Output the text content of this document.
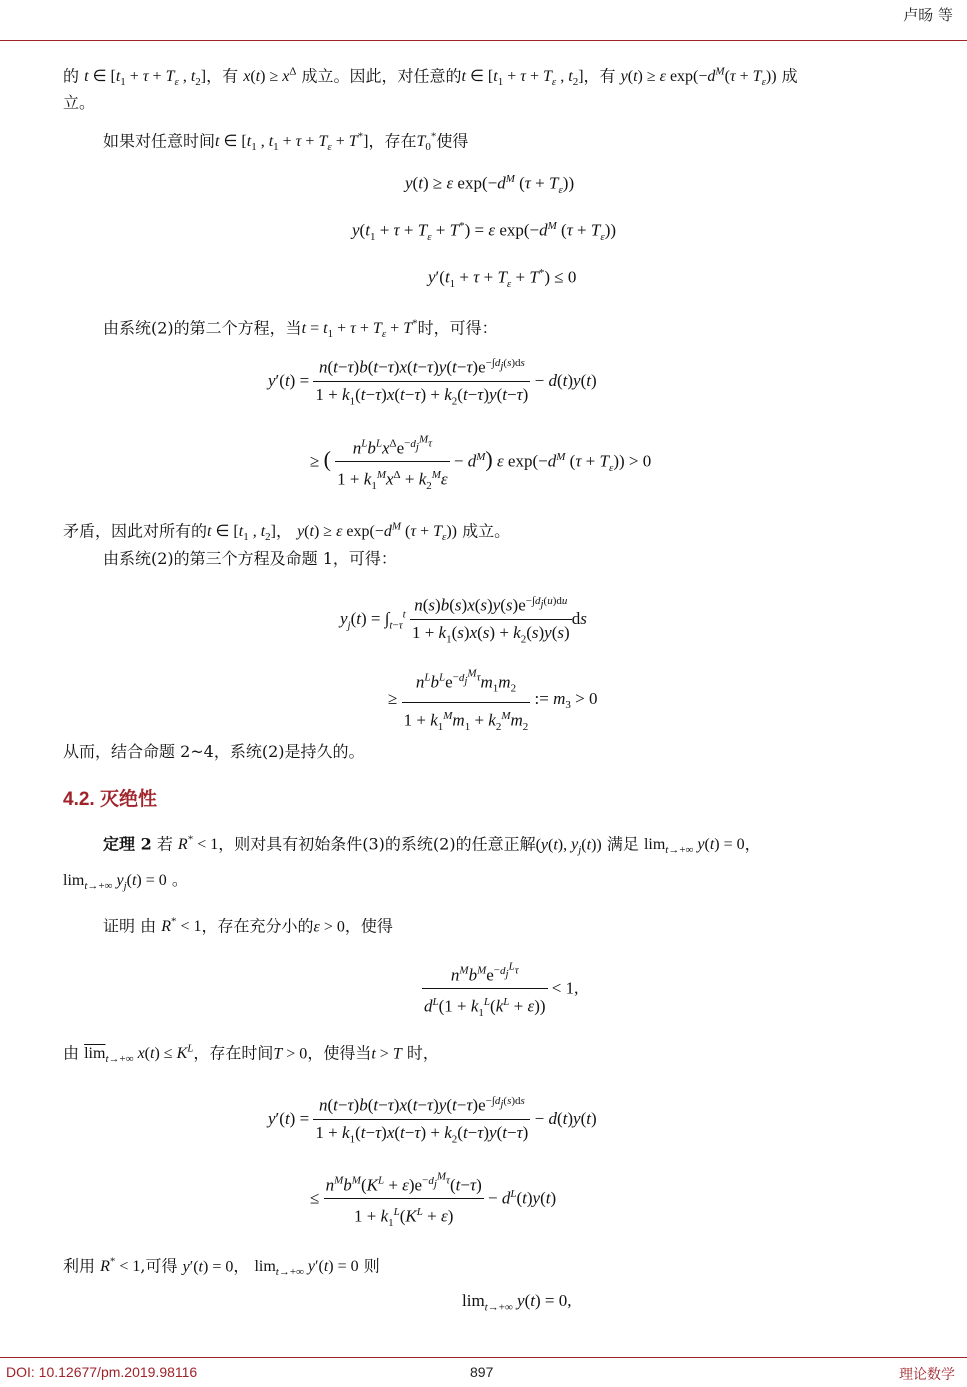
卢旸 等
的 t ∈ [$t_1 + \tau + T_\varepsilon$ , $t_2$]，有 $x(t) \ge x^\Delta$ 成立。因此，对任意的t ∈ [$t_1 + \tau + T_\varepsilon$ , $t_2$]，有 y(t) ≥ ε $\exp(-d^M(\tau + T_\varepsilon))$ 成
立。
如果对任意时间t ∈ [$t_1$ , $t_1 + \tau + T_\varepsilon + T^*$]，存在$T_0^*$使得
y(t) ≥ ε $\exp(-d^M$ $(\tau + T_\varepsilon)$)
$y(t_1 + \tau + T_\varepsilon + T^*) = \varepsilon$ $\exp(-d^M$ $(\tau + T_\varepsilon)$)
$y'(t_1 + \tau + T_\varepsilon + T^*) \le 0$
由系统(2)的第二个方程，当$t = t_1 + \tau + T_\varepsilon + T^*$时，可得：
$y'(t) = \frac{n(t-\tau)b(t-\tau)x(t-\tau)y(t-\tau)e^{-\int d_j(s)ds}}{1 + k_1(t-\tau)x(t-\tau) + k_2(t-\tau)y(t-\tau)} - d(t)y(t)$
≥ ( $\frac{n^Lb^Lx^\Delta e^{-d_j^M\tau}}{1 + k_1^Mx^\Delta + k_2^M\varepsilon} - d^M$) ε $\exp(-d^M$ $(\tau + T_\varepsilon)) > 0$
矛盾，因此对所有的t ∈ [$t_1$ , $t_2$]， y(t) ≥ ε $\exp(-d^M$ $(\tau + T_\varepsilon)$) 成立。
由系统(2)的第三个方程及命题 1，可得：
$y_j(t) = \int_{t-\tau}^t \frac{n(s)b(s)x(s)y(s)e^{-\int d_j(u)du}}{1 + k_1(s)x(s) + k_2(s)y(s)}$ ds
≥ $\frac{n^Lb^Le^{-d_j^M\tau}m_1m_2}{1 + k_1^Mm_1 + k_2^Mm_2}$ := $m_3 > 0$
从而，结合命题 2~4，系统(2)是持久的。
4.2. 灭绝性
定理 2 若 R* < 1，则对具有初始条件(3)的系统(2)的任意正解(y(t), $y_j(t)$) 满足 $\lim_{t\to+\infty} y(t) = 0$，
$\lim_{t\to+\infty} y_j(t) = 0$ 。
证明 由 R* < 1，存在充分小的ε > 0，使得
$\frac{n^Mb^Me^{-d_j^L\tau}}{d^L(1 + k_1^L(k^L + \varepsilon))} < 1$,
由 $\overline{lim}_{t\to+\infty}$ $x(t) \le K^L$，存在时间T > 0，使得当t > T 时，
$y'(t) = \frac{n(t-\tau)b(t-\tau)x(t-\tau)y(t-\tau)e^{-\int d_j(s)ds}}{1 + k_1(t-\tau)x(t-\tau) + k_2(t-\tau)y(t-\tau)} - d(t)y(t)$
≤ $\frac{n^Mb^M(K^L + \varepsilon)e^{-d_j^M\tau}(t-\tau)}{1 + k_1^L(K^L + \varepsilon)} - d^L(t)y(t)$
利用 R* < 1,可得 y′(t) = 0， $\lim_{t\to+\infty} y'(t) = 0$ 则
$\lim_{t\to+\infty} y(t) = 0$,
DOI: 10.12677/pm.2019.98116	897	理论数学
